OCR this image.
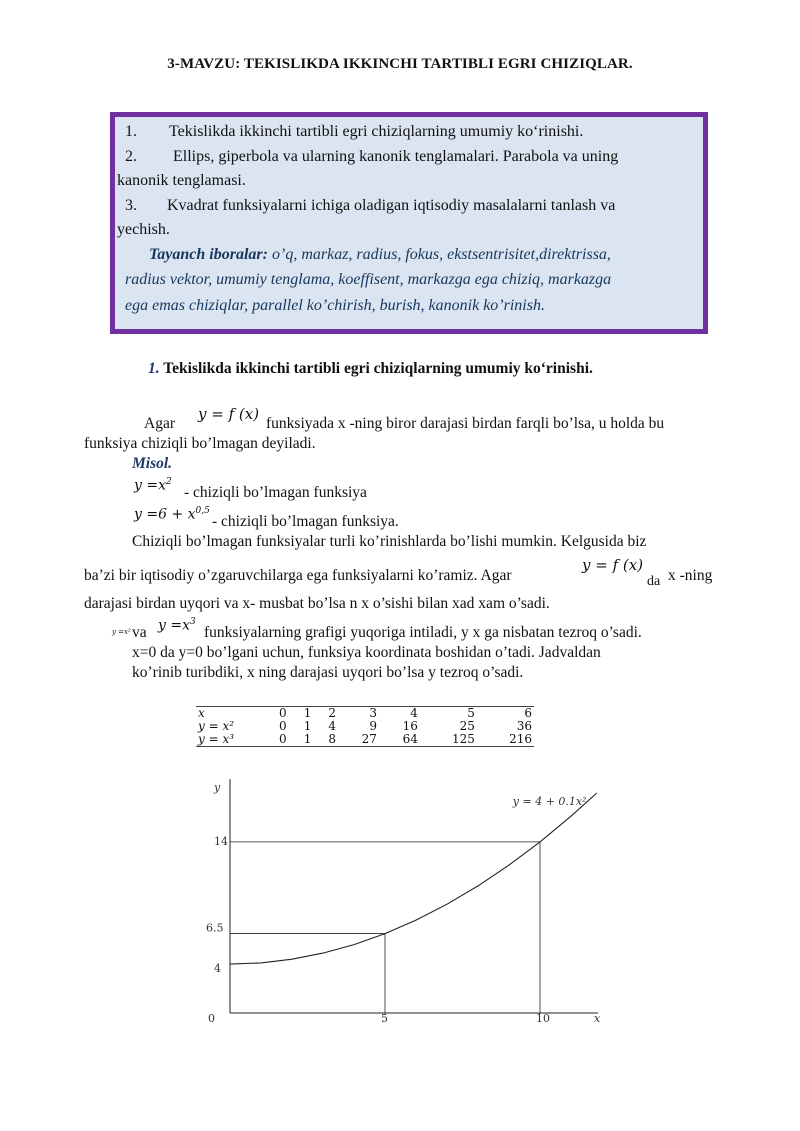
3-MAVZU: TEKISLIKDA IKKINCHI TARTIBLI EGRI CHIZIQLAR.
1. Tekislikda ikkinchi tartibli egri chiziqlarning umumiy ko‘rinishi.
2. Ellips, giperbola va ularning kanonik tenglamalari. Parabola va uning
kanonik tenglamasi.
3. Kvadrat funksiyalarni ichiga oladigan iqtisodiy masalalarni tanlash va
yechish.
Tayanch iboralar: o’q, markaz, radius, fokus, ekstsentrisitet,direktrissa,
radius vektor, umumiy tenglama, koeffisent, markazga ega chiziq, markazga
ega emas chiziqlar, parallel ko’chirish, burish, kanonik ko’rinish.
1. Tekislikda ikkinchi tartibli egri chiziqlarning umumiy ko‘rinishi.
Agar
y = f (x)
funksiyada x -ning biror darajasi birdan farqli bo’lsa, u holda bu
funksiya chiziqli bo’lmagan deyiladi.
Misol.
$y =x^2$
- chiziqli bo’lmagan funksiya
$y =6 + x^{0,5}$
- chiziqli bo’lmagan funksiya.
Chiziqli bo’lmagan funksiyalar turli ko’rinishlarda bo’lishi mumkin. Kelgusida biz
ba’zi bir iqtisodiy o’zgaruvchilarga ega funksiyalarni ko’ramiz. Agar
y = f (x)
da x -ning
darajasi birdan uyqori va x- musbat bo’lsa n x o’sishi bilan xad xam o’sadi.
y =x² va $y =x^3$
funksiyalarning grafigi yuqoriga intiladi, y x ga nisbatan tezroq o’sadi.
x=0 da y=0 bo’lgani uchun, funksiya koordinata boshidan o’tadi. Jadvaldan
ko’rinib turibdiki, x ning darajasi uyqori bo’lsa y tezroq o’sadi.
x	0	1	2	3	4	5	6
y = x²	0	1	4	9	16	25	36
y = x³	0	1	8	27	64	125	216
x
y
0	5	10
4
6.5
14
y = 4 + 0.1x²
